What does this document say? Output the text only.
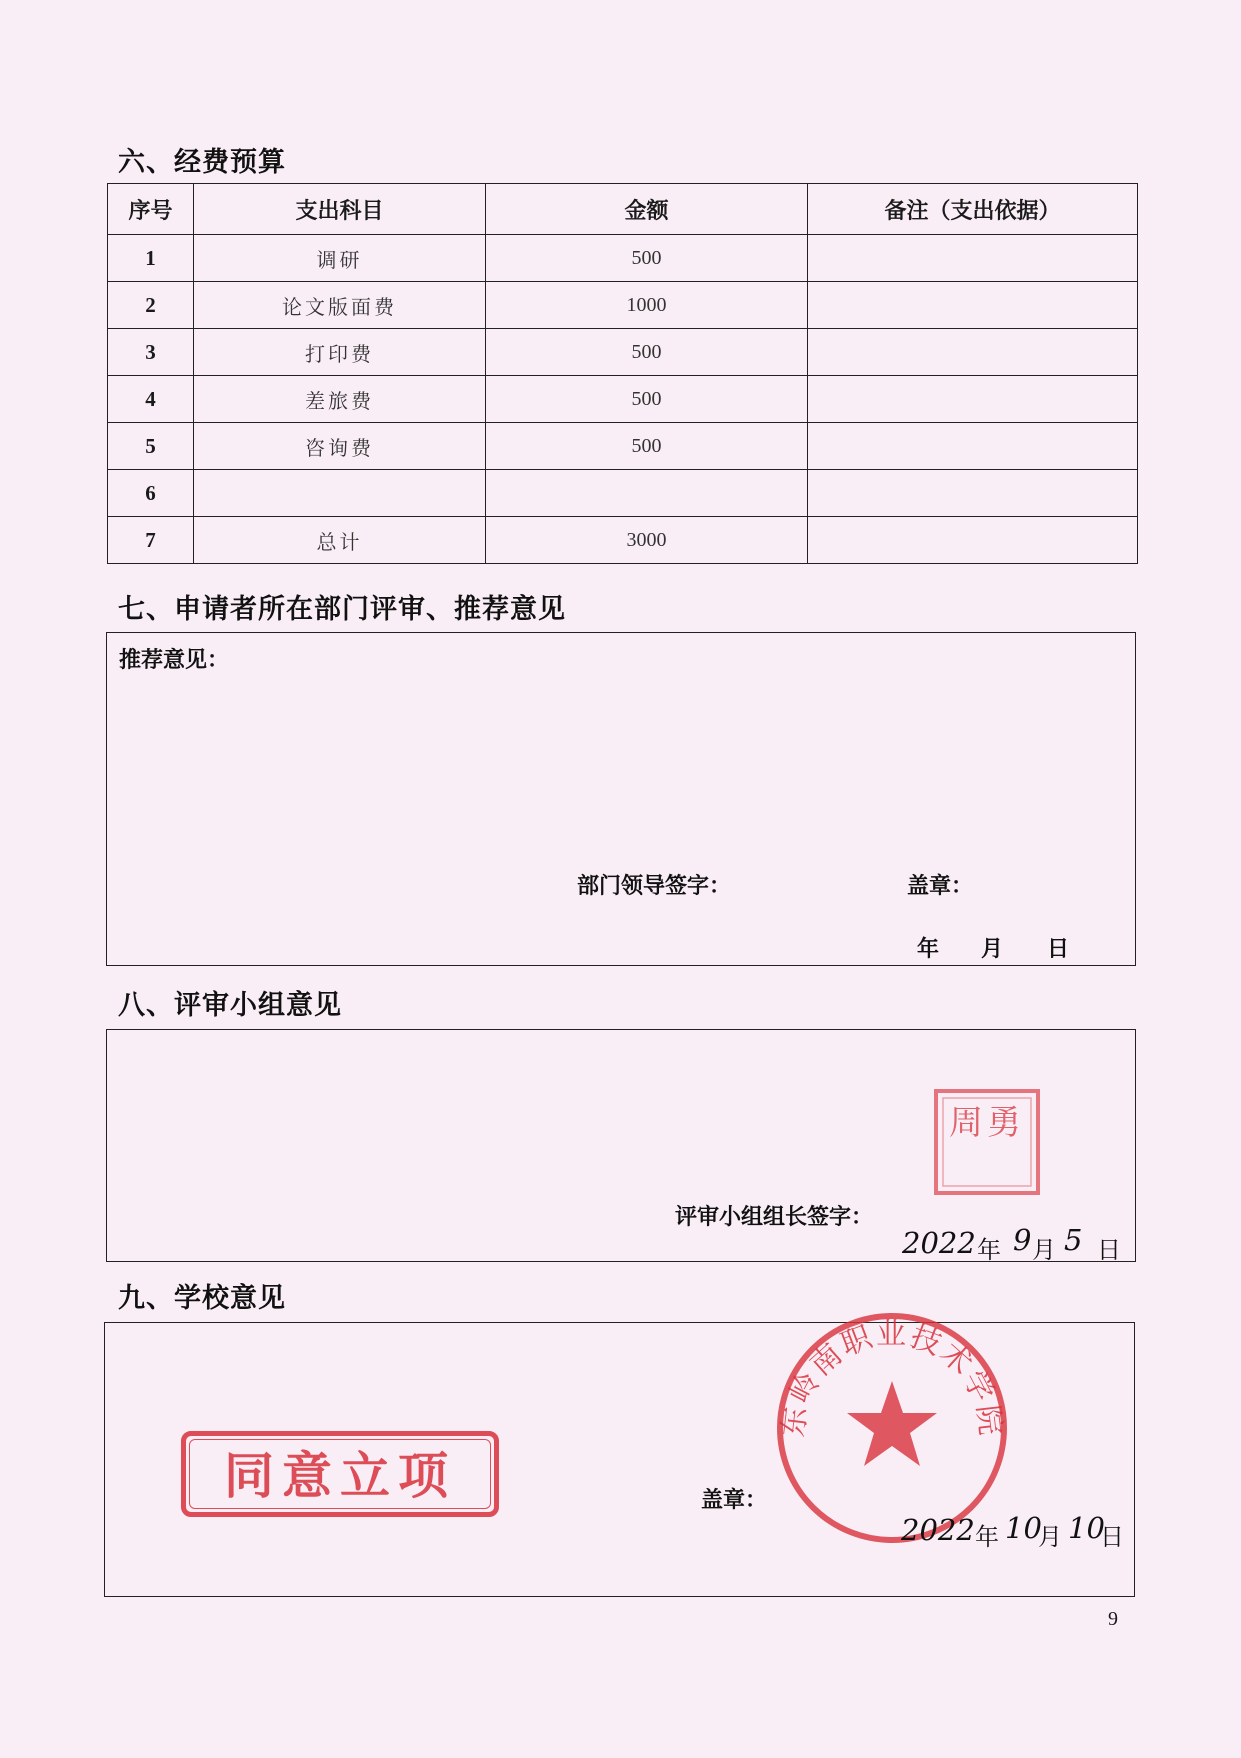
六、经费预算
序号	支出科目	金额	备注（支出依据）
1	调研	500	
2	论文版面费	1000	
3	打印费	500	
4	差旅费	500	
5	咨询费	500	
6			
7	总计	3000	
七、申请者所在部门评审、推荐意见
推荐意见：
部门领导签字：	盖章：
年 月 日
八、评审小组意见
周勇
评审小组组长签字：
2022 年 9 月 5 日
九、学校意见
同意立项
东岭南职业技术学院
盖章：
2022 年 10
月 10
日
9
